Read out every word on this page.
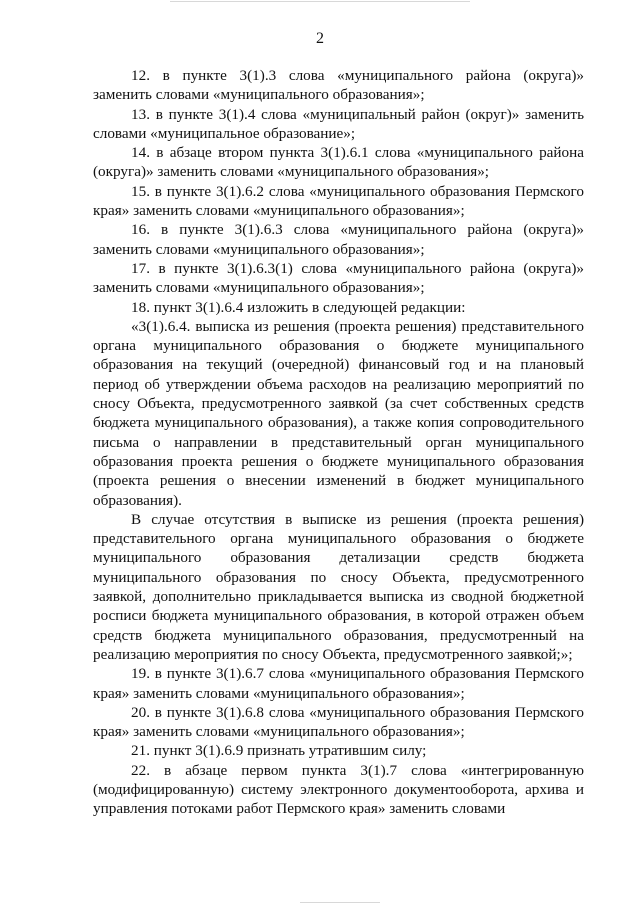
2

12. в пункте 3(1).3 слова «муниципального района (округа)» заменить словами «муниципального образования»;

13. в пункте 3(1).4 слова «муниципальный район (округ)» заменить словами «муниципальное образование»;

14. в абзаце втором пункта 3(1).6.1 слова «муниципального района (округа)» заменить словами «муниципального образования»;

15. в пункте 3(1).6.2 слова «муниципального образования Пермского края» заменить словами «муниципального образования»;

16. в пункте 3(1).6.3 слова «муниципального района (округа)» заменить словами «муниципального образования»;

17. в пункте 3(1).6.3(1) слова «муниципального района (округа)» заменить словами «муниципального образования»;

18. пункт 3(1).6.4 изложить в следующей редакции:

«3(1).6.4. выписка из решения (проекта решения) представительного органа муниципального образования о бюджете муниципального образования на текущий (очередной) финансовый год и на плановый период об утверждении объема расходов на реализацию мероприятий по сносу Объекта, предусмотренного заявкой (за счет собственных средств бюджета муниципального образования), а также копия сопроводительного письма о направлении в представительный орган муниципального образования проекта решения о бюджете муниципального образования (проекта решения о внесении изменений в бюджет муниципального образования).

В случае отсутствия в выписке из решения (проекта решения) представительного органа муниципального образования о бюджете муниципального образования детализации средств бюджета муниципального образования по сносу Объекта, предусмотренного заявкой, дополнительно прикладывается выписка из сводной бюджетной росписи бюджета муниципального образования, в которой отражен объем средств бюджета муниципального образования, предусмотренный на реализацию мероприятия по сносу Объекта, предусмотренного заявкой;»;

19. в пункте 3(1).6.7 слова «муниципального образования Пермского края» заменить словами «муниципального образования»;

20. в пункте 3(1).6.8 слова «муниципального образования Пермского края» заменить словами «муниципального образования»;

21. пункт 3(1).6.9 признать утратившим силу;

22. в абзаце первом пункта 3(1).7 слова «интегрированную (модифицированную) систему электронного документооборота, архива и управления потоками работ Пермского края» заменить словами
